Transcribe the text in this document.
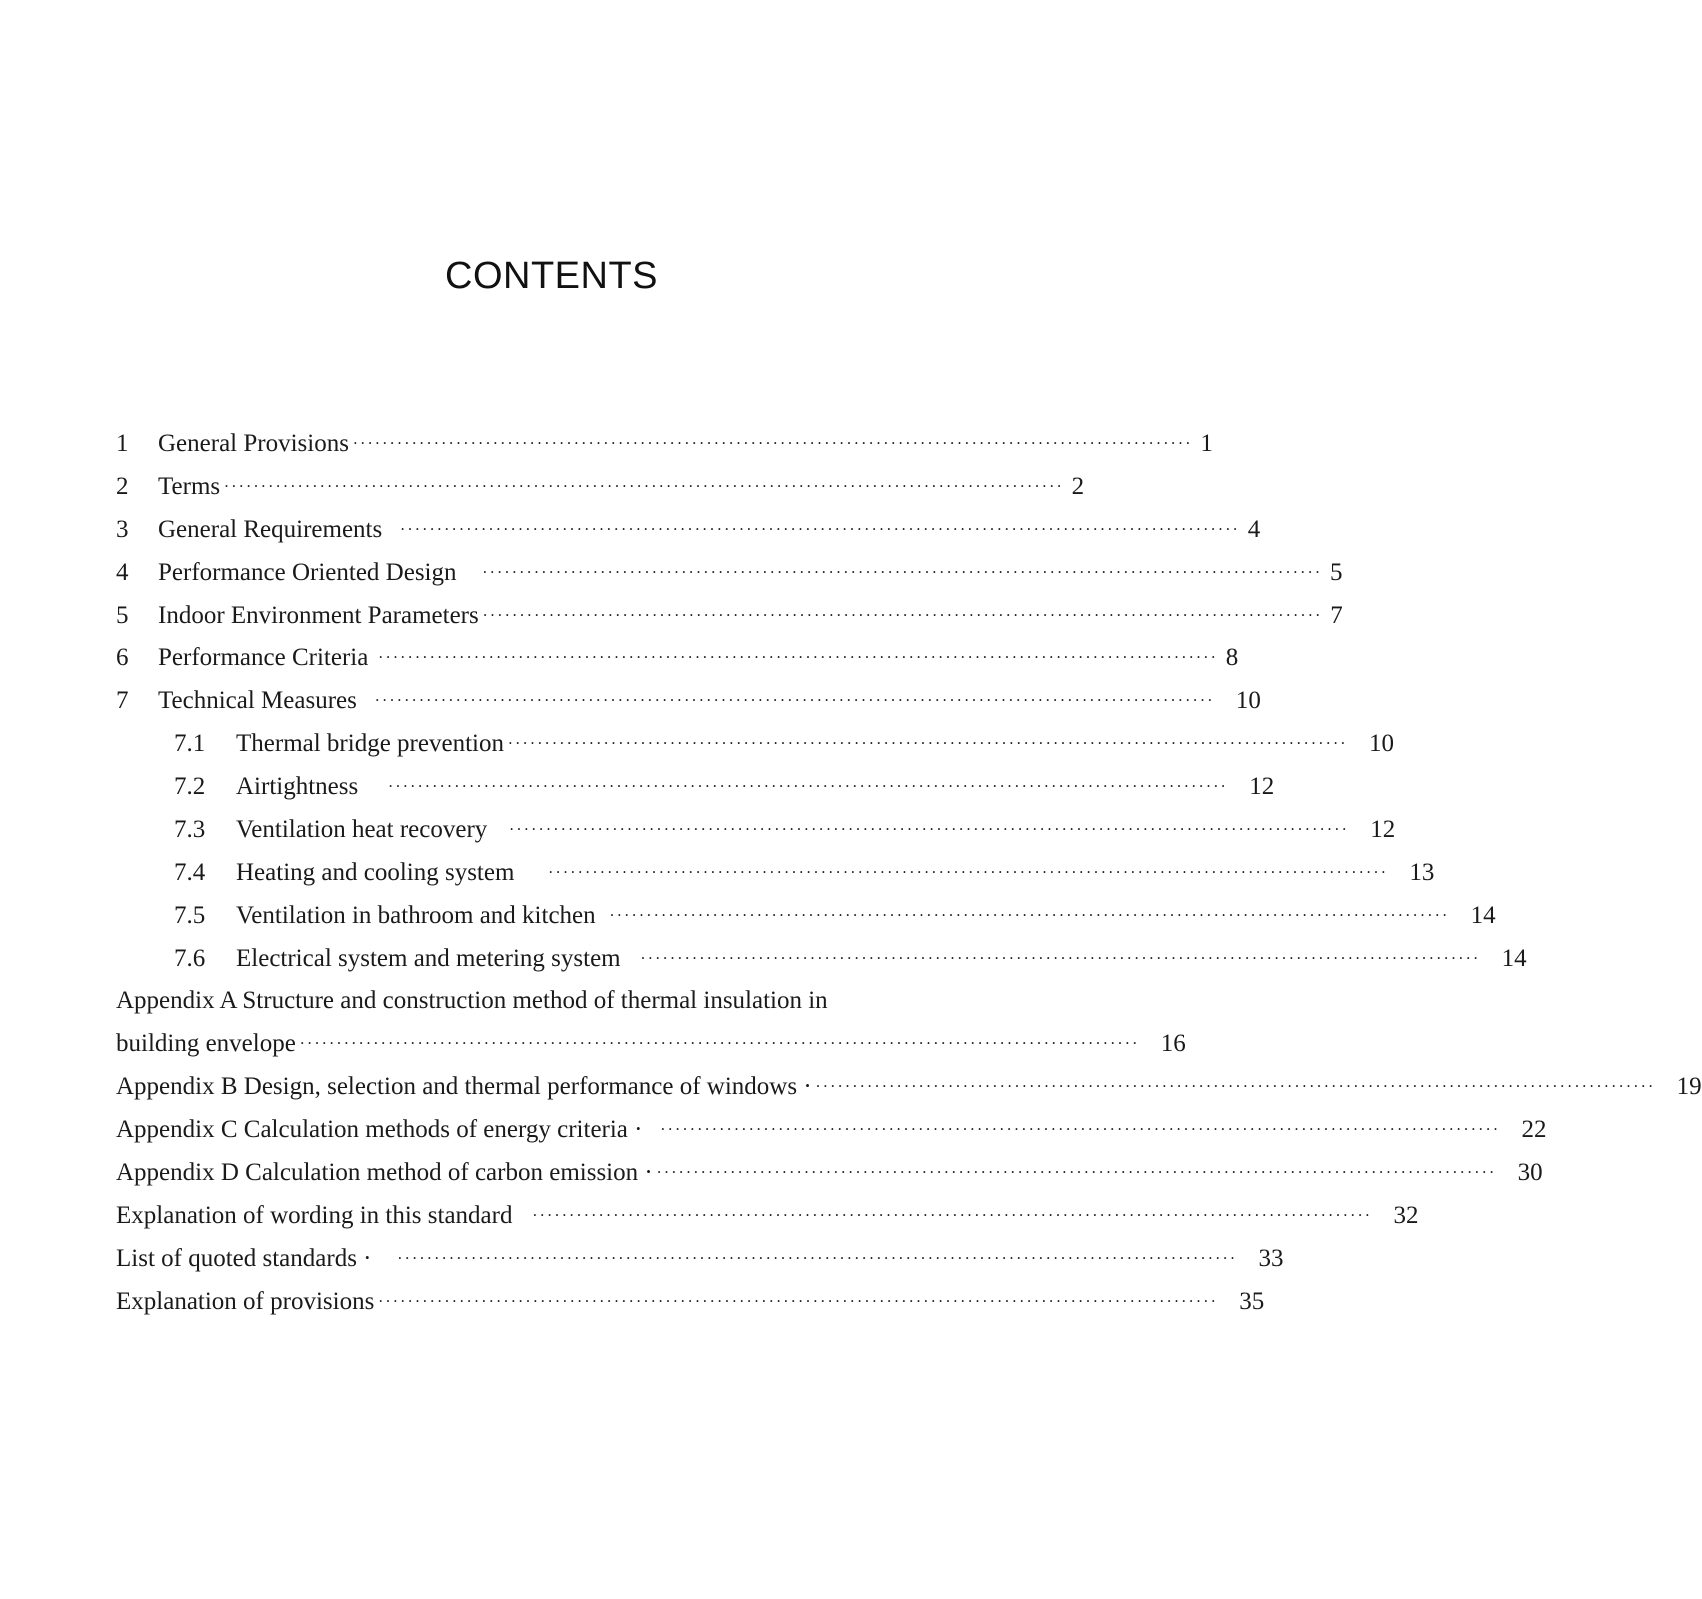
CONTENTS
1	General Provisions ·················································································································· 1
2	Terms ·················································································································· 2
3	General Requirements ·················································································································· 4
4	Performance Oriented Design ·················································································································· 5
5	Indoor Environment Parameters ·················································································································· 7
6	Performance Criteria ·················································································································· 8
7	Technical Measures ·················································································································· 10
7.1	Thermal bridge prevention ·················································································································· 10
7.2	Airtightness ·················································································································· 12
7.3	Ventilation heat recovery ·················································································································· 12
7.4	Heating and cooling system ·················································································································· 13
7.5	Ventilation in bathroom and kitchen ·················································································································· 14
7.6	Electrical system and metering system ·················································································································· 14
Appendix A Structure and construction method of thermal insulation in
building envelope ·················································································································· 16
Appendix B Design, selection and thermal performance of windows · ·················································································································· 19
Appendix C Calculation methods of energy criteria · ·················································································································· 22
Appendix D Calculation method of carbon emission · ·················································································································· 30
Explanation of wording in this standard ·················································································································· 32
List of quoted standards · ·················································································································· 33
Explanation of provisions ·················································································································· 35
